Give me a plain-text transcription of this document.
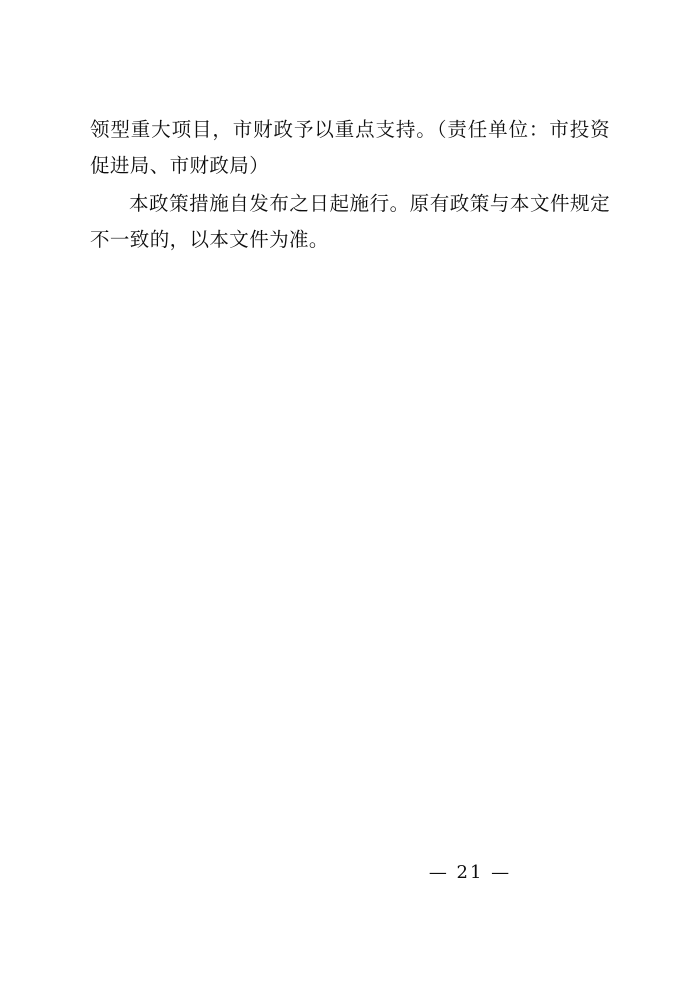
领型重大项目，市财政予以重点支持。（责任单位：市投资促进局、市财政局）

本政策措施自发布之日起施行。原有政策与本文件规定不一致的，以本文件为准。

— 21 —
